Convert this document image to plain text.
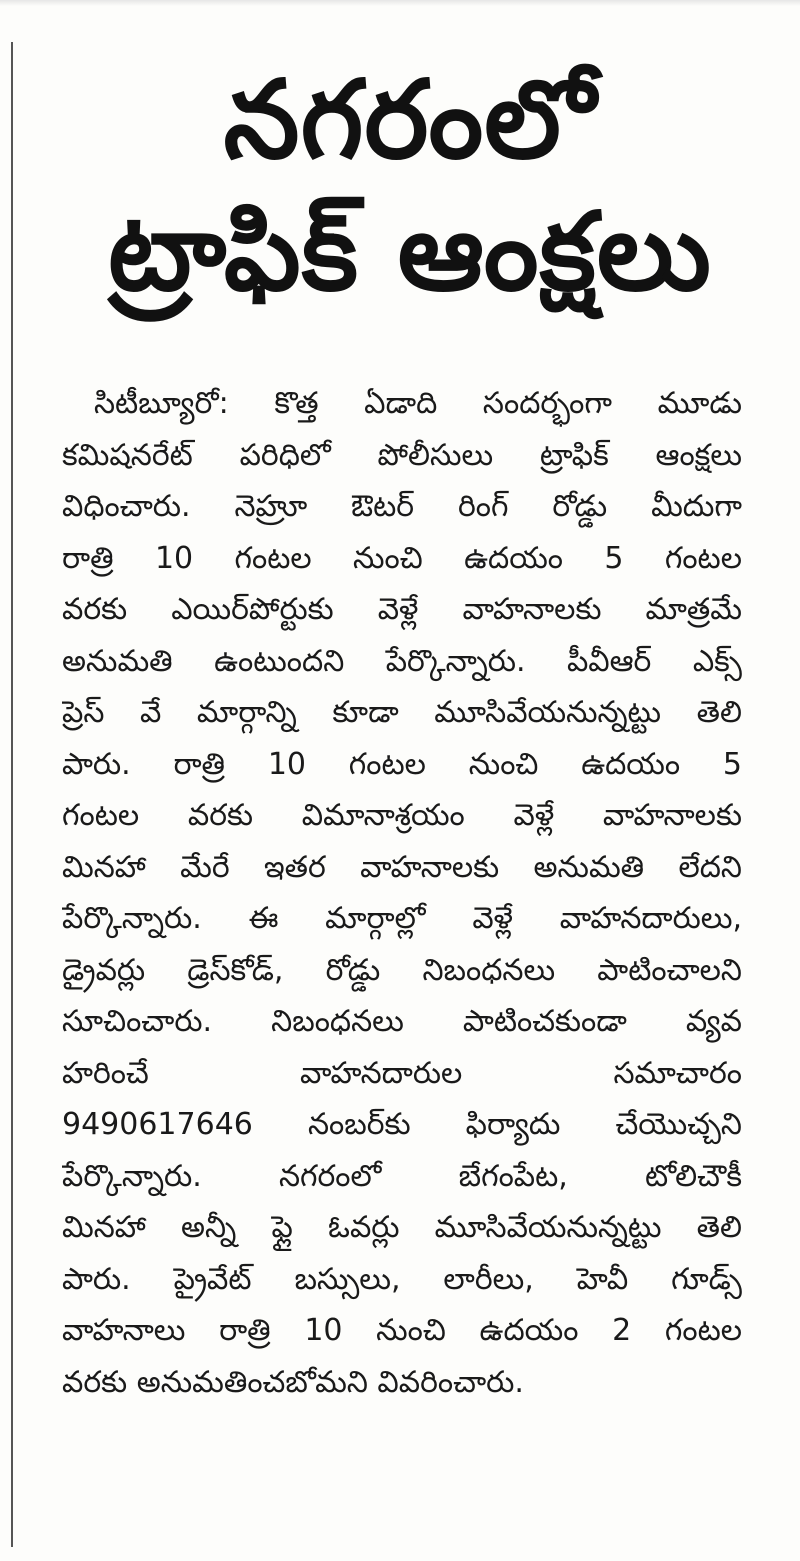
నగరంలో
ట్రాఫిక్ ఆంక్షలు
సిటీబ్యూరో: కొత్త ఏడాది సందర్భంగా మూడు
కమిషనరేట్ పరిధిలో పోలీసులు ట్రాఫిక్ ఆంక్షలు
విధించారు. నెహ్రూ ఔటర్ రింగ్ రోడ్డు మీదుగా
రాత్రి 10 గంటల నుంచి ఉదయం 5 గంటల
వరకు ఎయిర్‌పోర్టుకు వెళ్లే వాహనాలకు మాత్రమే
అనుమతి ఉంటుందని పేర్కొన్నారు. పీవీఆర్ ఎక్స్
ప్రెస్ వే మార్గాన్ని కూడా మూసివేయనున్నట్టు తెలి
పారు. రాత్రి 10 గంటల నుంచి ఉదయం 5
గంటల వరకు విమానాశ్రయం వెళ్లే వాహనాలకు
మినహా మేరే ఇతర వాహనాలకు అనుమతి లేదని
పేర్కొన్నారు. ఈ మార్గాల్లో వెళ్లే వాహనదారులు,
డ్రైవర్లు డ్రెస్‌కోడ్, రోడ్డు నిబంధనలు పాటించాలని
సూచించారు. నిబంధనలు పాటించకుండా వ్యవ
హరించే వాహనదారుల సమాచారం
9490617646 నంబర్‌కు ఫిర్యాదు చేయొచ్చని
పేర్కొన్నారు. నగరంలో బేగంపేట, టోలిచౌకీ
మినహా అన్నీ ఫ్లై ఓవర్లు మూసివేయనున్నట్టు తెలి
పారు. ప్రైవేట్ బస్సులు, లారీలు, హెవీ గూడ్స్
వాహనాలు రాత్రి 10 నుంచి ఉదయం 2 గంటల
వరకు అనుమతించబోమని వివరించారు.
